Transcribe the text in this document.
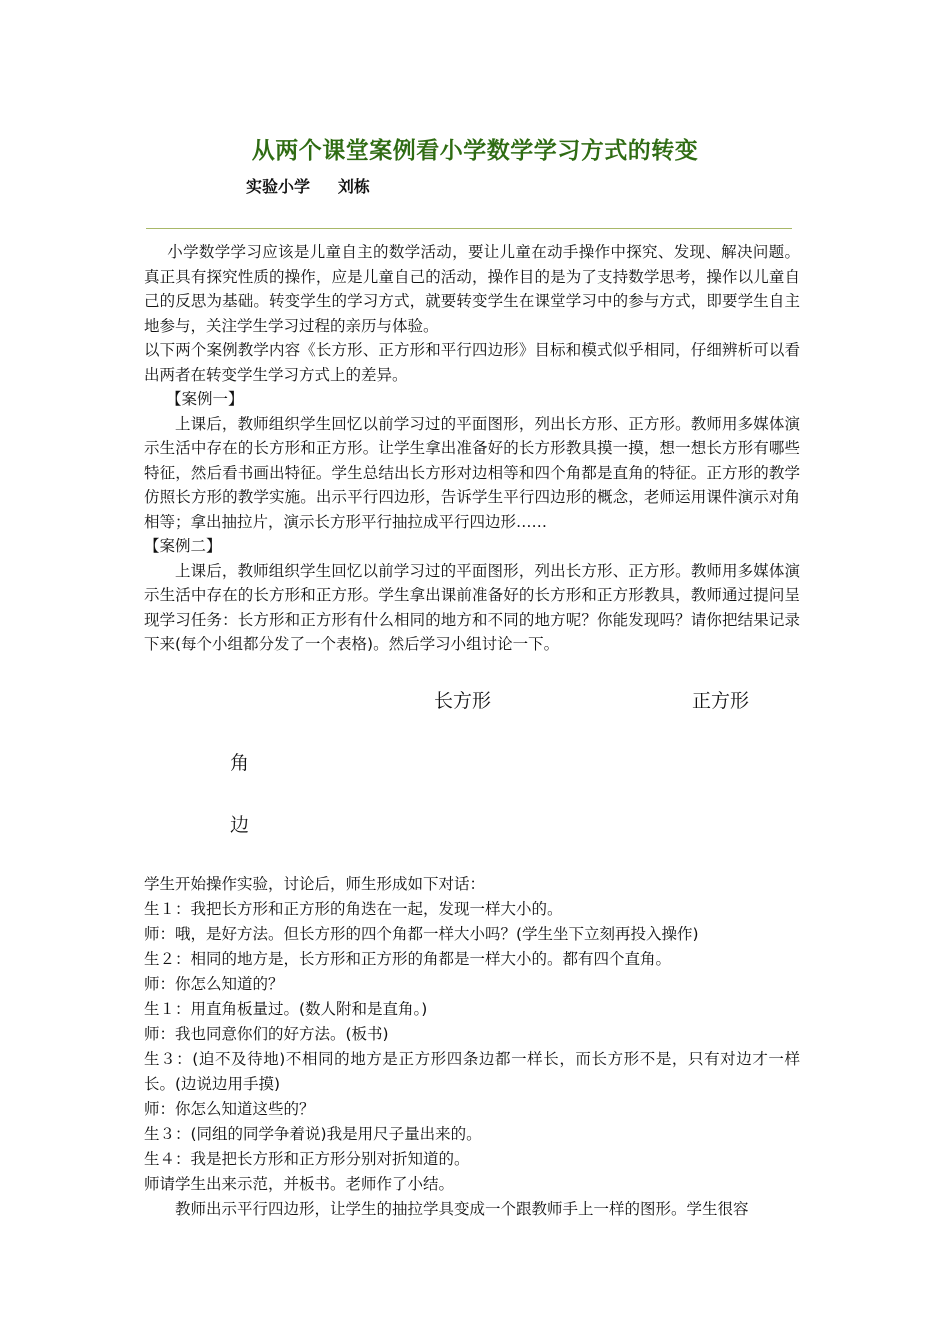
从两个课堂案例看小学数学学习方式的转变
实验小学     刘栋

小学数学学习应该是儿童自主的数学活动，要让儿童在动手操作中探究、发现、解决问题。真正具有探究性质的操作，应是儿童自己的活动，操作目的是为了支持数学思考，操作以儿童自己的反思为基础。转变学生的学习方式，就要转变学生在课堂学习中的参与方式，即要学生自主地参与，关注学生学习过程的亲历与体验。

以下两个案例教学内容《长方形、正方形和平行四边形》目标和模式似乎相同，仔细辨析可以看出两者在转变学生学习方式上的差异。

【案例一】

上课后，教师组织学生回忆以前学习过的平面图形，列出长方形、正方形。教师用多媒体演示生活中存在的长方形和正方形。让学生拿出准备好的长方形教具摸一摸，想一想长方形有哪些特征，然后看书画出特征。学生总结出长方形对边相等和四个角都是直角的特征。正方形的教学仿照长方形的教学实施。出示平行四边形，告诉学生平行四边形的概念，老师运用课件演示对角相等；拿出抽拉片，演示长方形平行抽拉成平行四边形……

【案例二】

上课后，教师组织学生回忆以前学习过的平面图形，列出长方形、正方形。教师用多媒体演示生活中存在的长方形和正方形。学生拿出课前准备好的长方形和正方形教具，教师通过提问呈现学习任务：长方形和正方形有什么相同的地方和不同的地方呢？你能发现吗？请你把结果记录下来(每个小组都分发了一个表格)。然后学习小组讨论一下。

长方形	正方形
角
边

学生开始操作实验，讨论后，师生形成如下对话：

生１：我把长方形和正方形的角迭在一起，发现一样大小的。

师：哦，是好方法。但长方形的四个角都一样大小吗？(学生坐下立刻再投入操作)

生２：相同的地方是，长方形和正方形的角都是一样大小的。都有四个直角。

师：你怎么知道的？

生１：用直角板量过。(数人附和是直角。)

师：我也同意你们的好方法。(板书)

生３：(迫不及待地)不相同的地方是正方形四条边都一样长，而长方形不是，只有对边才一样长。(边说边用手摸)

师：你怎么知道这些的？

生３：(同组的同学争着说)我是用尺子量出来的。

生４：我是把长方形和正方形分别对折知道的。

师请学生出来示范，并板书。老师作了小结。

教师出示平行四边形，让学生的抽拉学具变成一个跟教师手上一样的图形。学生很容
